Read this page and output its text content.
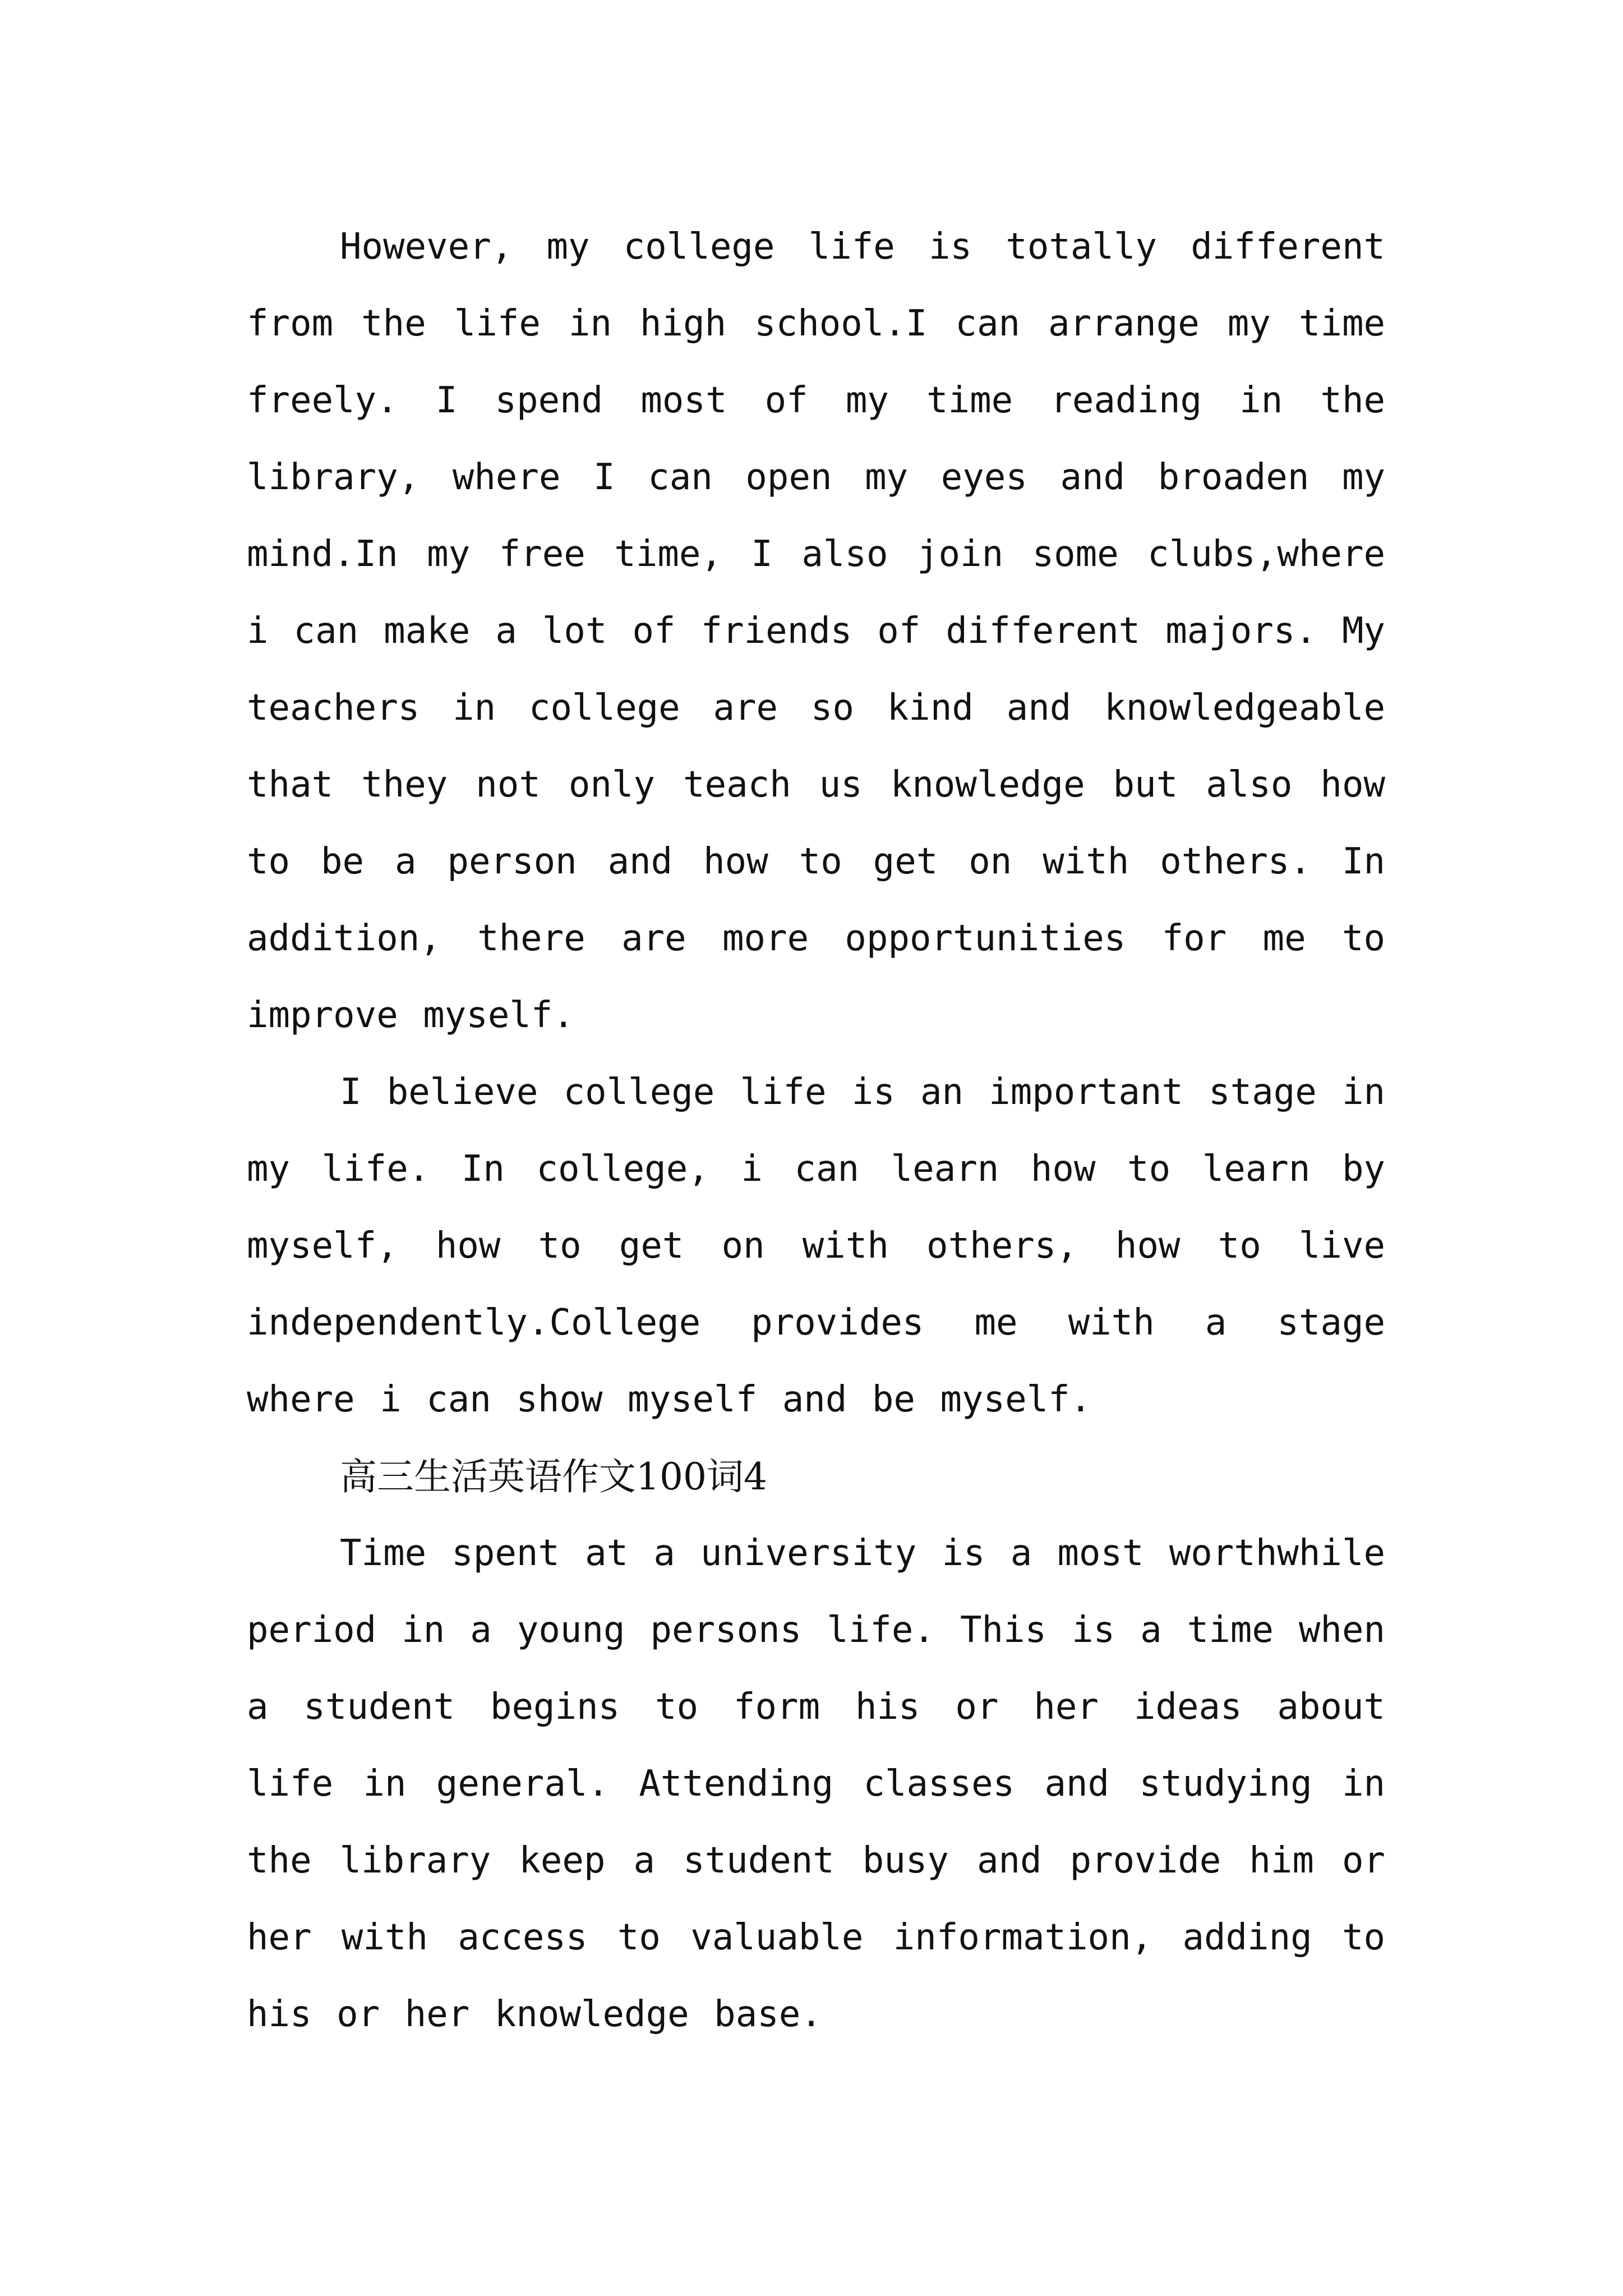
However, my college life is totally different from the life in high school.I can arrange my time freely. I spend most of my time reading in the library, where I can open my eyes and broaden my mind.In my free time, I also join some clubs,where i can make a lot of friends of different majors. My teachers in college are so kind and knowledgeable that they not only teach us knowledge but also how to be a person and how to get on with others. In addition, there are more opportunities for me to improve myself.

I believe college life is an important stage in my life. In college, i can learn how to learn by myself, how to get on with others, how to live independently.College provides me with a stage where i can show myself and be myself.

高三生活英语作文100词4

Time spent at a university is a most worthwhile period in a young persons life. This is a time when a student begins to form his or her ideas about life in general. Attending classes and studying in the library keep a student busy and provide him or her with access to valuable information, adding to his or her knowledge base.
